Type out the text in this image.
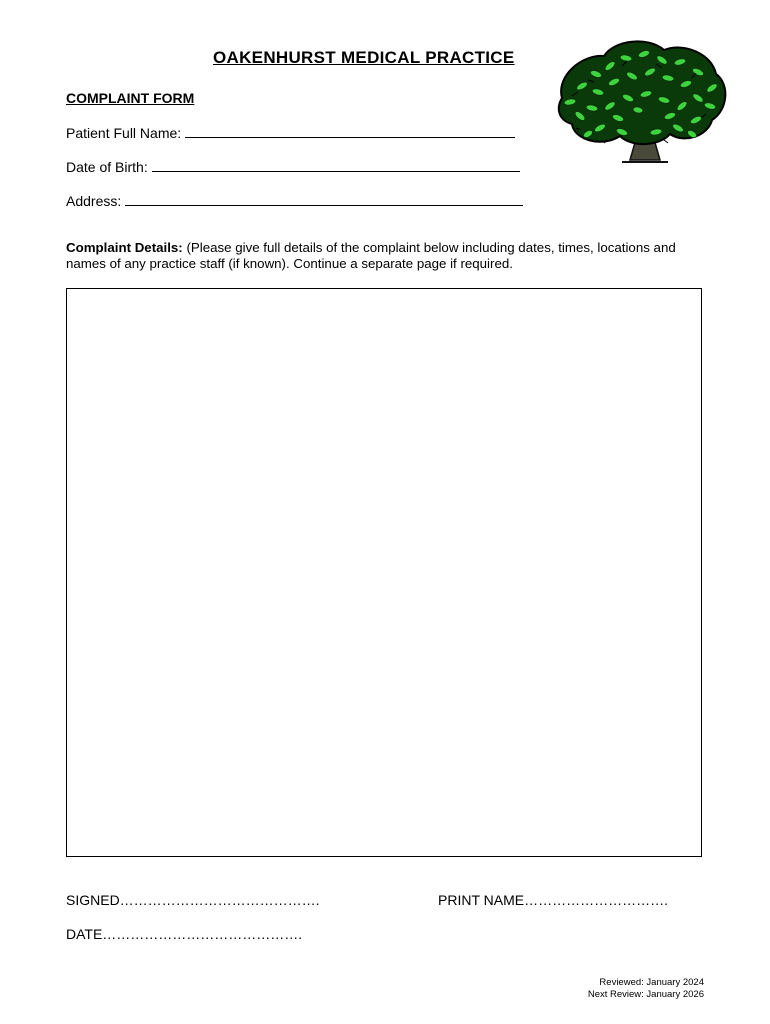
OAKENHURST MEDICAL PRACTICE
COMPLAINT FORM
Patient Full Name:
Date of Birth:
Address:
Complaint Details: (Please give full details of the complaint below including dates, times, locations and names of any practice staff (if known). Continue a separate page if required.
SIGNED…………………………………….	PRINT NAME………………………….
DATE…………………………………….
Reviewed: January 2024
Next Review: January 2026
